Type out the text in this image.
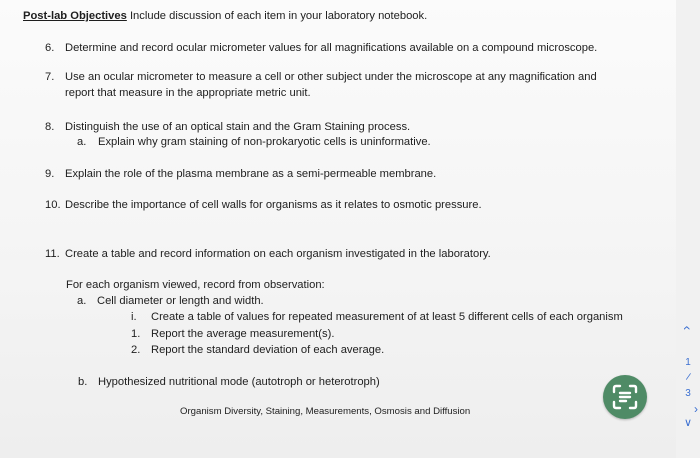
Post-lab Objectives Include discussion of each item in your laboratory notebook.
6. Determine and record ocular micrometer values for all magnifications available on a compound microscope.
7. Use an ocular micrometer to measure a cell or other subject under the microscope at any magnification and
report that measure in the appropriate metric unit.
8. Distinguish the use of an optical stain and the Gram Staining process.
a. Explain why gram staining of non-prokaryotic cells is uninformative.
9. Explain the role of the plasma membrane as a semi-permeable membrane.
10. Describe the importance of cell walls for organisms as it relates to osmotic pressure.
11. Create a table and record information on each organism investigated in the laboratory.
For each organism viewed, record from observation:
a. Cell diameter or length and width.
i. Create a table of values for repeated measurement of at least 5 different cells of each organism
1. Report the average measurement(s).
2. Report the standard deviation of each average.
b. Hypothesized nutritional mode (autotroph or heterotroph)
Organism Diversity, Staining, Measurements, Osmosis and Diffusion
‹
1
/
3
›
∨
